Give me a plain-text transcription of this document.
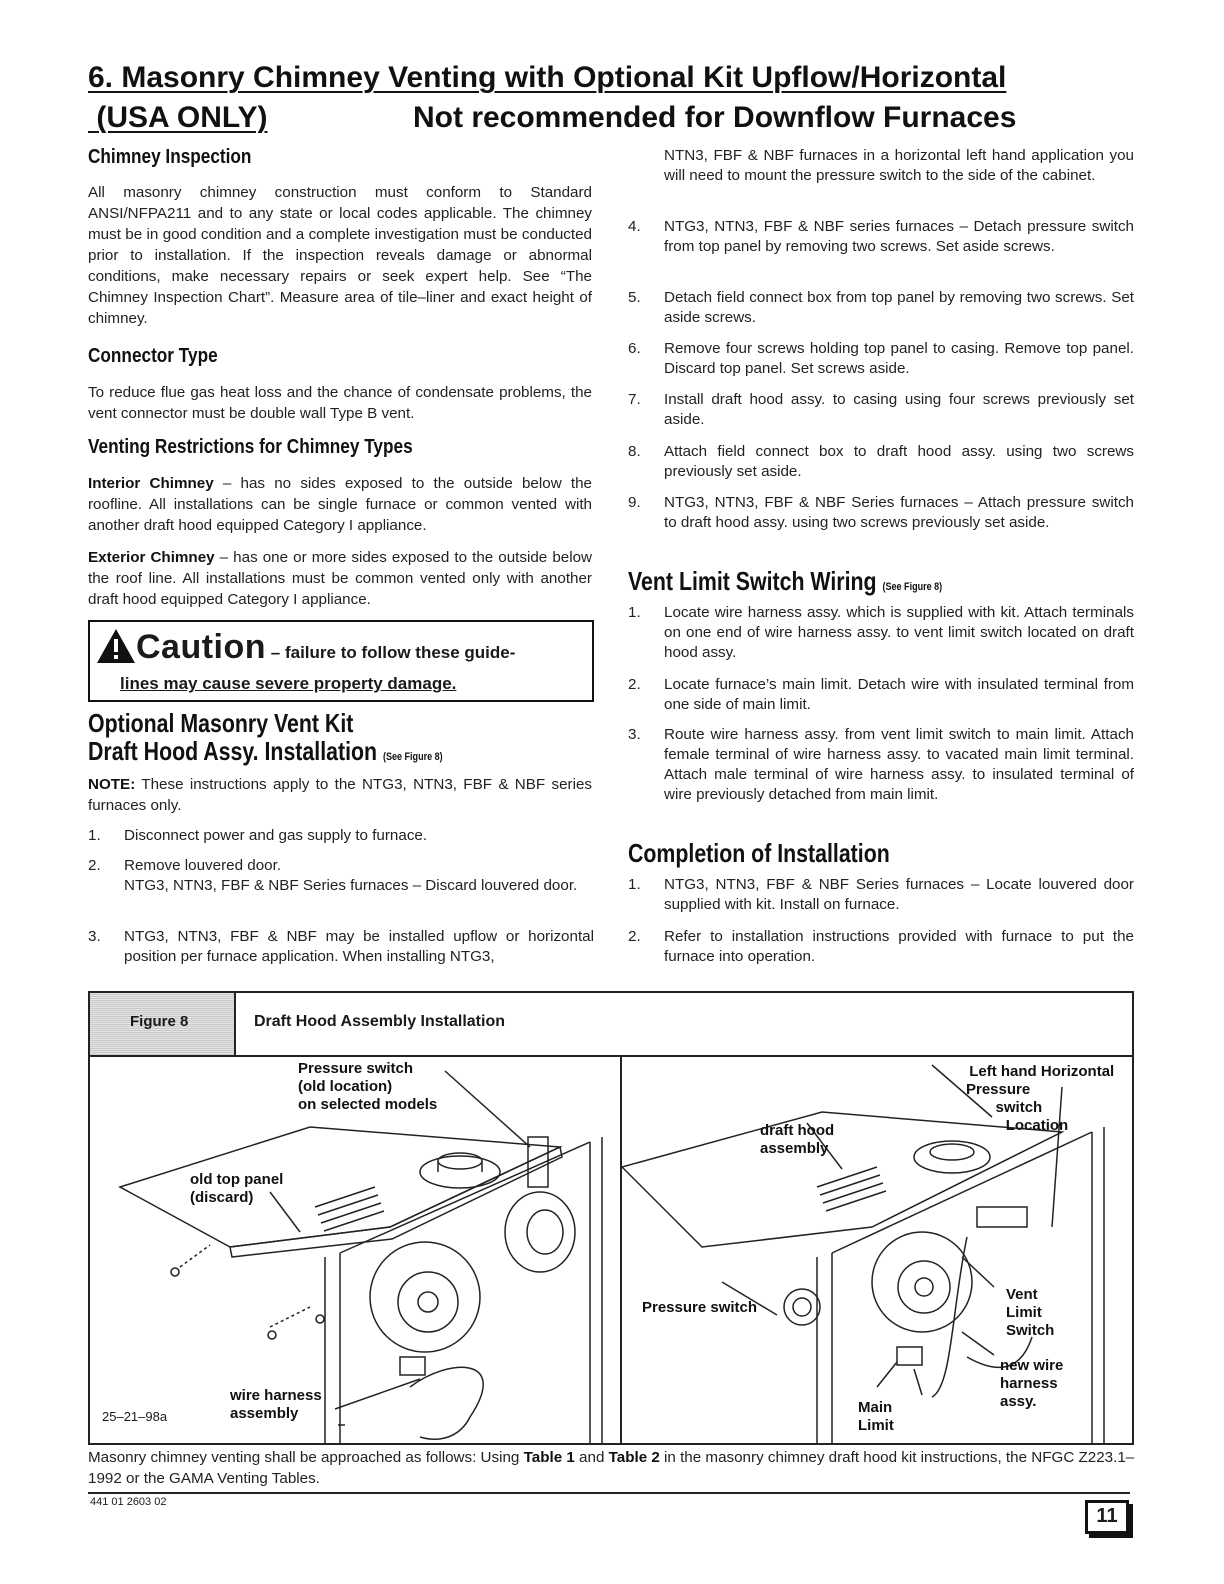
6. Masonry Chimney Venting with Optional Kit Upflow/Horizontal
(USA ONLY)	Not recommended for Downflow Furnaces
Chimney Inspection
All masonry chimney construction must conform to Standard ANSI/NFPA211 and to any state or local codes applicable. The chimney must be in good condition and a complete investigation must be conducted prior to installation. If the inspection reveals damage or abnormal conditions, make necessary repairs or seek expert help. See “The Chimney Inspection Chart”. Measure area of tile–liner and exact height of chimney.
Connector Type
To reduce flue gas heat loss and the chance of condensate problems, the vent connector must be double wall Type B vent.
Venting Restrictions for Chimney Types
Interior Chimney – has no sides exposed to the outside below the roofline. All installations can be single furnace or common vented with another draft hood equipped Category I appliance.
Exterior Chimney – has one or more sides exposed to the outside below the roof line. All installations must be common vented only with another draft hood equipped Category I appliance.
Caution – failure to follow these guide-
lines may cause severe property damage.
Optional Masonry Vent Kit
Draft Hood Assy. Installation (See Figure 8)
NOTE: These instructions apply to the NTG3, NTN3, FBF & NBF series furnaces only.
1. Disconnect power and gas supply to furnace.
2. Remove louvered door.
NTG3, NTN3, FBF & NBF Series furnaces – Discard louvered door.
3. NTG3, NTN3, FBF & NBF may be installed upflow or horizontal position per furnace application. When installing NTG3,
NTN3, FBF & NBF furnaces in a horizontal left hand application you will need to mount the pressure switch to the side of the cabinet.
4. NTG3, NTN3, FBF & NBF series furnaces – Detach pressure switch from top panel by removing two screws. Set aside screws.
5. Detach field connect box from top panel by removing two screws. Set aside screws.
6. Remove four screws holding top panel to casing. Remove top panel. Discard top panel. Set screws aside.
7. Install draft hood assy. to casing using four screws previously set aside.
8. Attach field connect box to draft hood assy. using two screws previously set aside.
9. NTG3, NTN3, FBF & NBF Series furnaces – Attach pressure switch to draft hood assy. using two screws previously set aside.
Vent Limit Switch Wiring (See Figure 8)
1. Locate wire harness assy. which is supplied with kit. Attach terminals on one end of wire harness assy. to vent limit switch located on draft hood assy.
2. Locate furnace’s main limit. Detach wire with insulated terminal from one side of main limit.
3. Route wire harness assy. from vent limit switch to main limit. Attach female terminal of wire harness assy. to vacated main limit terminal. Attach male terminal of wire harness assy. to insulated terminal of wire previously detached from main limit.
Completion of Installation
1. NTG3, NTN3, FBF & NBF Series furnaces – Locate louvered door supplied with kit. Install on furnace.
2. Refer to installation instructions provided with furnace to put the furnace into operation.
Figure 8	Draft Hood Assembly Installation
Pressure switch
(old location)
on selected models
old top panel
(discard)
wire harness
assembly
25–21–98a
Left hand Horizontal
Pressure
switch
Location
draft hood
assembly
Pressure switch
Vent
Limit
Switch
new wire
harness
assy.
Main
Limit
Masonry chimney venting shall be approached as follows: Using Table 1 and Table 2 in the masonry chimney draft hood kit instructions, the NFGC Z223.1–1992 or the GAMA Venting Tables.
441 01 2603 02
11
